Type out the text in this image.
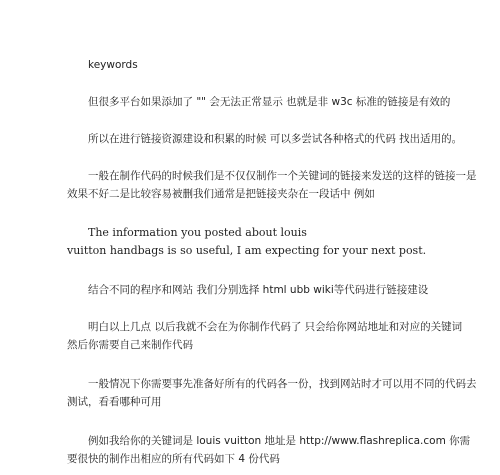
keywords

但很多平台如果添加了 "" 会无法正常显示 也就是非 w3c 标准的链接是有效的

所以在进行链接资源建设和积累的时候 可以多尝试各种格式的代码 找出适用的。

一般在制作代码的时候我们是不仅仅制作一个关键词的链接来发送的这样的链接一是
效果不好二是比较容易被删我们通常是把链接夹杂在一段话中 例如

The information you posted about louis
vuitton handbags is so useful, I am expecting for your next post.

结合不同的程序和网站 我们分别选择 html ubb wiki等代码进行链接建设

明白以上几点 以后我就不会在为你制作代码了 只会给你网站地址和对应的关键词
然后你需要自己来制作代码

一般情况下你需要事先准备好所有的代码各一份，找到网站时才可以用不同的代码去
测试，看看哪种可用

例如我给你的关键词是 louis vuitton 地址是 http://www.flashreplica.com 你需
要很快的制作出相应的所有代码如下 4 份代码
